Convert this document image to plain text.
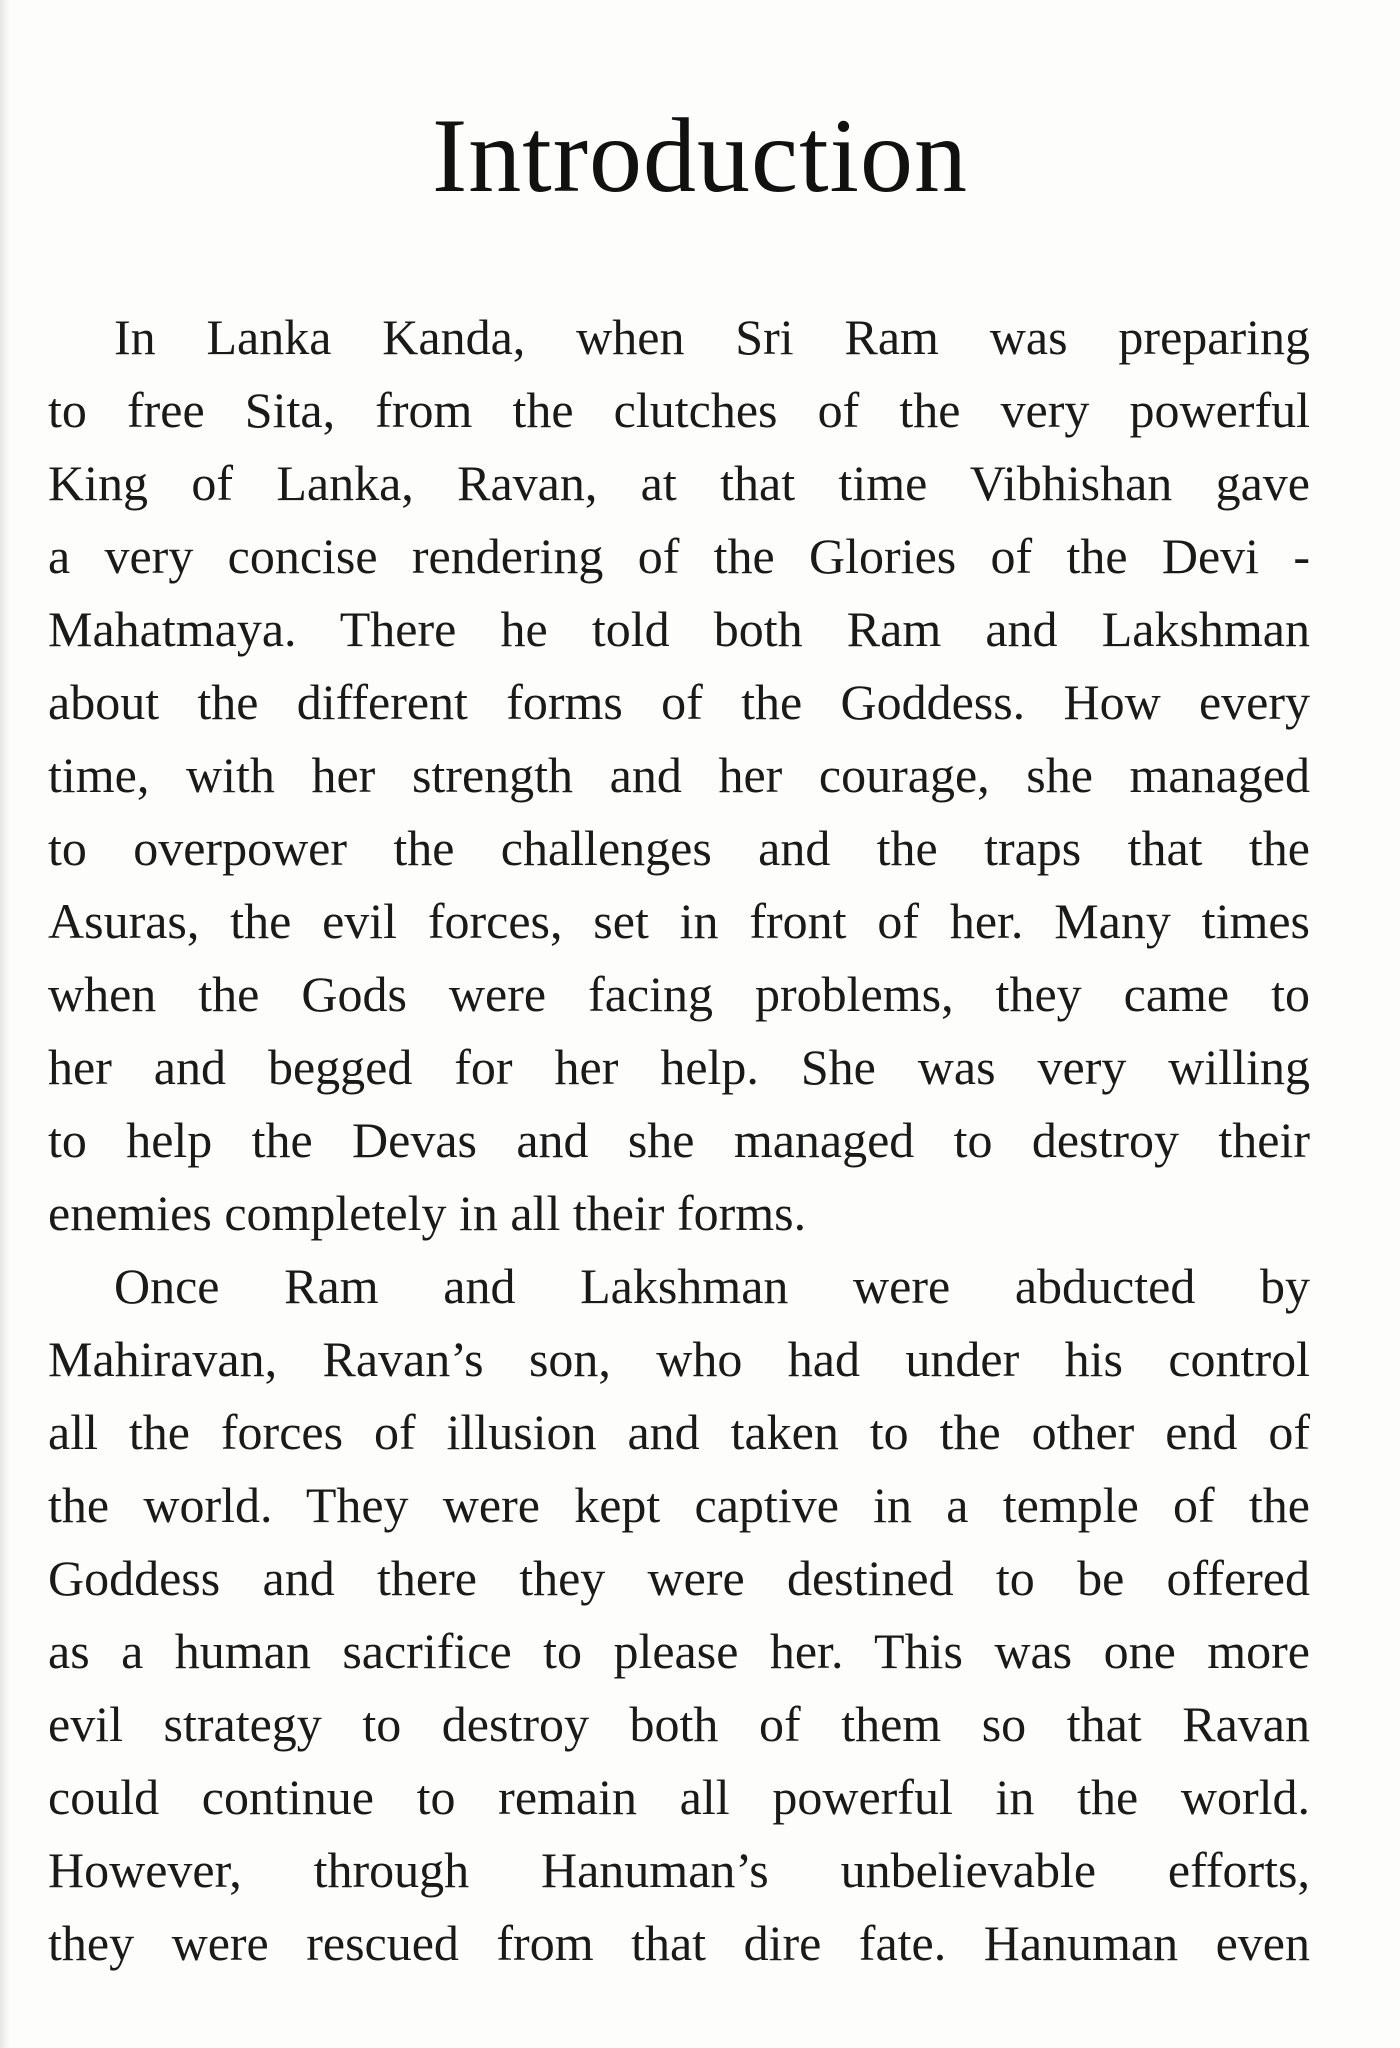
Introduction
In Lanka Kanda, when Sri Ram was preparing
to free Sita, from the clutches of the very powerful
King of Lanka, Ravan, at that time Vibhishan gave
a very concise rendering of the Glories of the Devi -
Mahatmaya. There he told both Ram and Lakshman
about the different forms of the Goddess. How every
time, with her strength and her courage, she managed
to overpower the challenges and the traps that the
Asuras, the evil forces, set in front of her. Many times
when the Gods were facing problems, they came to
her and begged for her help. She was very willing
to help the Devas and she managed to destroy their
enemies completely in all their forms.
Once Ram and Lakshman were abducted by
Mahiravan, Ravan’s son, who had under his control
all the forces of illusion and taken to the other end of
the world. They were kept captive in a temple of the
Goddess and there they were destined to be offered
as a human sacrifice to please her. This was one more
evil strategy to destroy both of them so that Ravan
could continue to remain all powerful in the world.
However, through Hanuman’s unbelievable efforts,
they were rescued from that dire fate. Hanuman even
